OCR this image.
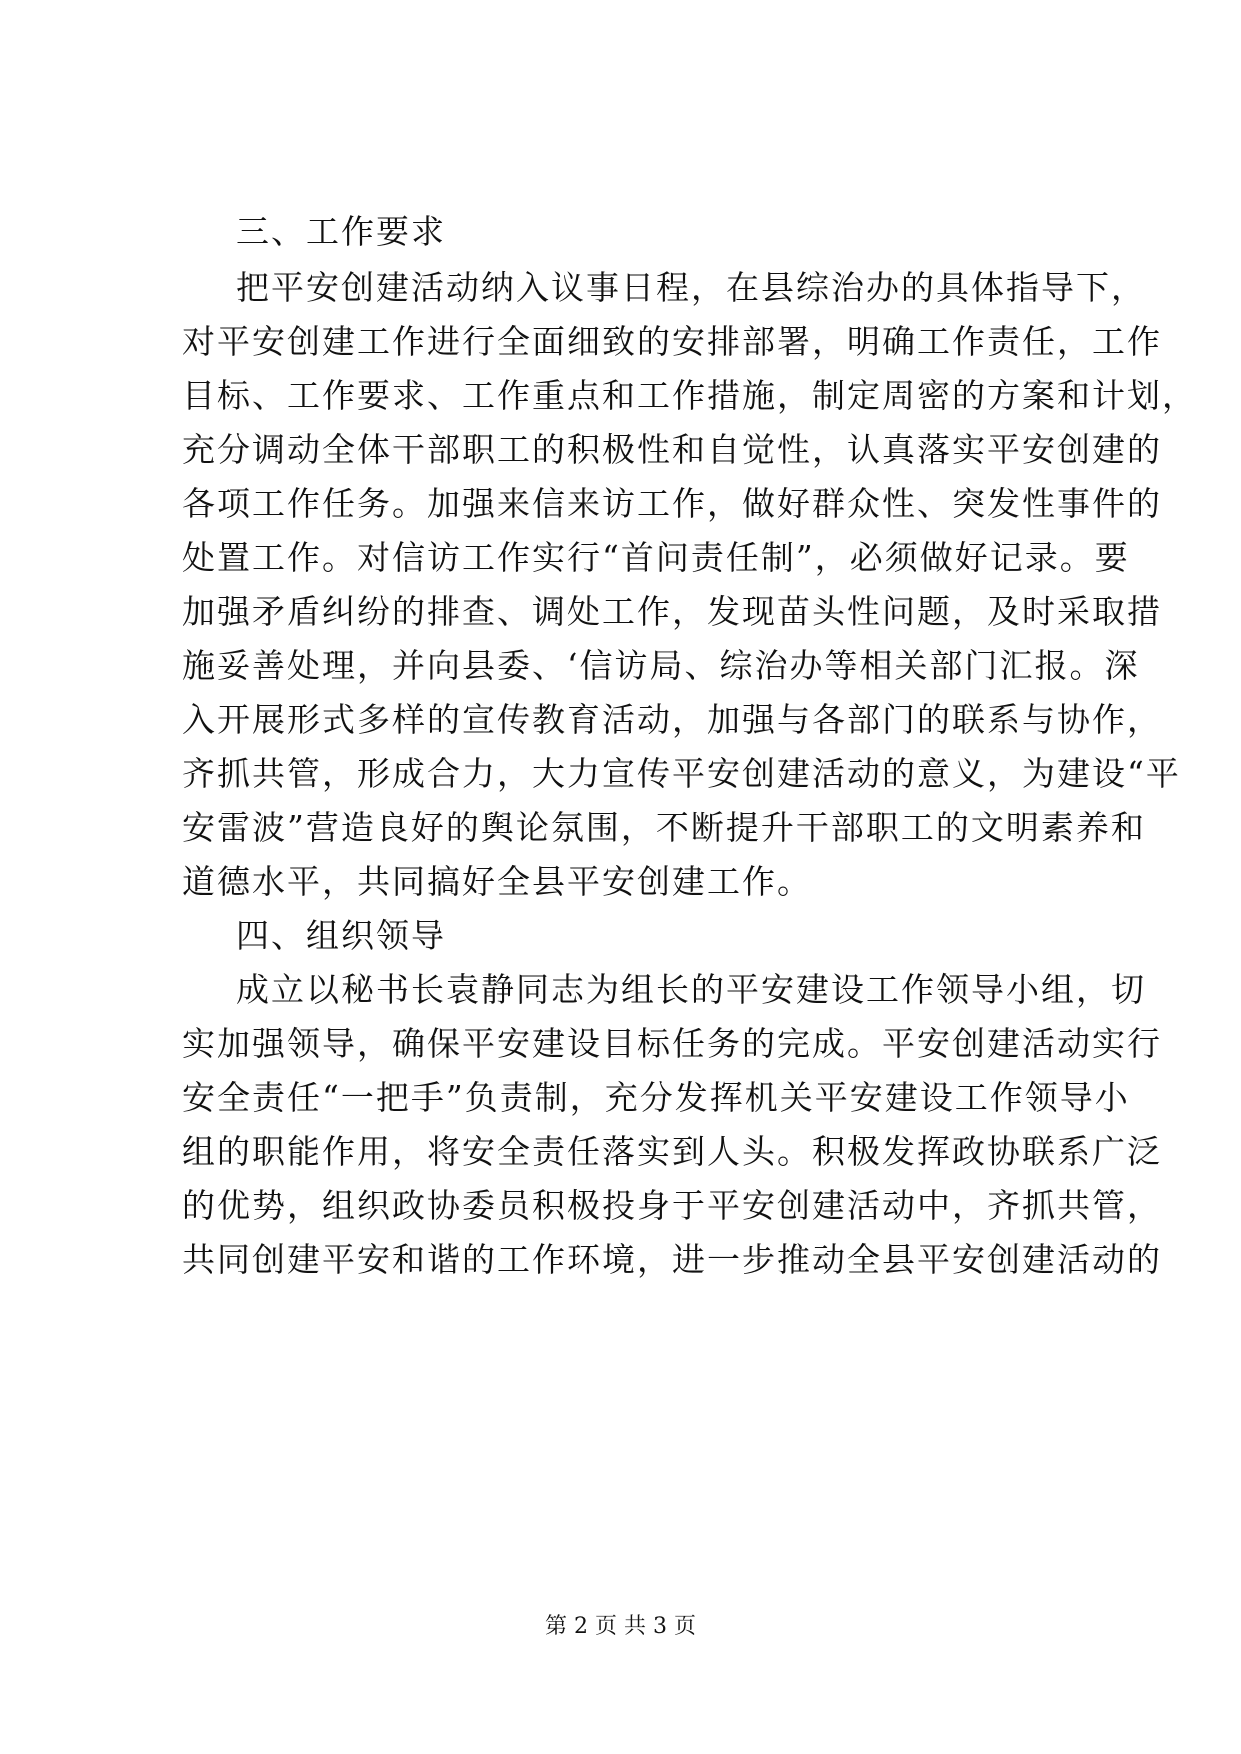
三、工作要求
把平安创建活动纳入议事日程，在县综治办的具体指导下，
对平安创建工作进行全面细致的安排部署，明确工作责任，工作
目标、工作要求、工作重点和工作措施，制定周密的方案和计划，
充分调动全体干部职工的积极性和自觉性，认真落实平安创建的
各项工作任务。加强来信来访工作，做好群众性、突发性事件的
处置工作。对信访工作实行“首问责任制”，必须做好记录。要
加强矛盾纠纷的排查、调处工作，发现苗头性问题，及时采取措
施妥善处理，并向县委、‘信访局、综治办等相关部门汇报。深
入开展形式多样的宣传教育活动，加强与各部门的联系与协作，
齐抓共管，形成合力，大力宣传平安创建活动的意义，为建设“平
安雷波”营造良好的舆论氛围，不断提升干部职工的文明素养和
道德水平，共同搞好全县平安创建工作。
四、组织领导
成立以秘书长袁静同志为组长的平安建设工作领导小组，切
实加强领导，确保平安建设目标任务的完成。平安创建活动实行
安全责任“一把手”负责制，充分发挥机关平安建设工作领导小
组的职能作用，将安全责任落实到人头。积极发挥政协联系广泛
的优势，组织政协委员积极投身于平安创建活动中，齐抓共管，
共同创建平安和谐的工作环境，进一步推动全县平安创建活动的
第 2 页 共 3 页
